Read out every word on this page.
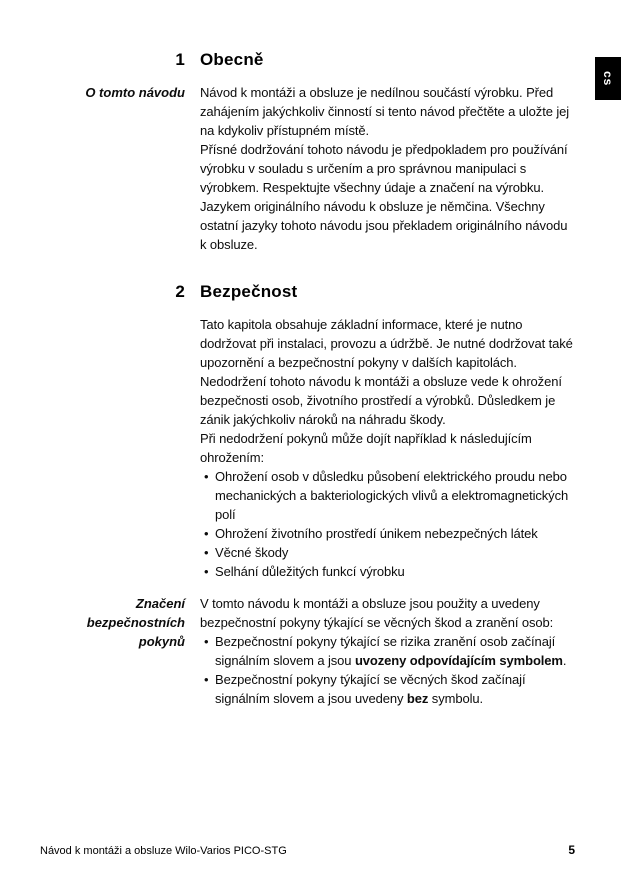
cs
1 Obecně
O tomto návodu Návod k montáži a obsluze je nedílnou součástí výrobku. Před zahájením jakýchkoliv činností si tento návod přečtěte a uložte jej na kdykoliv přístupném místě.

Přísné dodržování tohoto návodu je předpokladem pro používání výrobku v souladu s určením a pro správnou manipulaci s výrobkem. Respektujte všechny údaje a značení na výrobku.

Jazykem originálního návodu k obsluze je němčina. Všechny ostatní jazyky tohoto návodu jsou překladem originálního návodu k obsluze.

2 Bezpečnost

Tato kapitola obsahuje základní informace, které je nutno dodržovat při instalaci, provozu a údržbě. Je nutné dodržovat také upozornění a bezpečnostní pokyny v dalších kapitolách.

Nedodržení tohoto návodu k montáži a obsluze vede k ohrožení bezpečnosti osob, životního prostředí a výrobků. Důsledkem je zánik jakýchkoliv nároků na náhradu škody.

Při nedodržení pokynů může dojít například k následujícím ohrožením:

• Ohrožení osob v důsledku působení elektrického proudu nebo mechanických a bakteriologických vlivů a elektromagnetických polí
• Ohrožení životního prostředí únikem nebezpečných látek
• Věcné škody
• Selhání důležitých funkcí výrobku
Značení bezpečnostních pokynů

V tomto návodu k montáži a obsluze jsou použity a uvedeny bezpečnostní pokyny týkající se věcných škod a zranění osob:

• Bezpečnostní pokyny týkající se rizika zranění osob začínají signálním slovem a jsou uvozeny odpovídajícím symbolem.
• Bezpečnostní pokyny týkající se věcných škod začínají signálním slovem a jsou uvedeny bez symbolu.
Návod k montáži a obsluze Wilo-Varios PICO-STG	5
